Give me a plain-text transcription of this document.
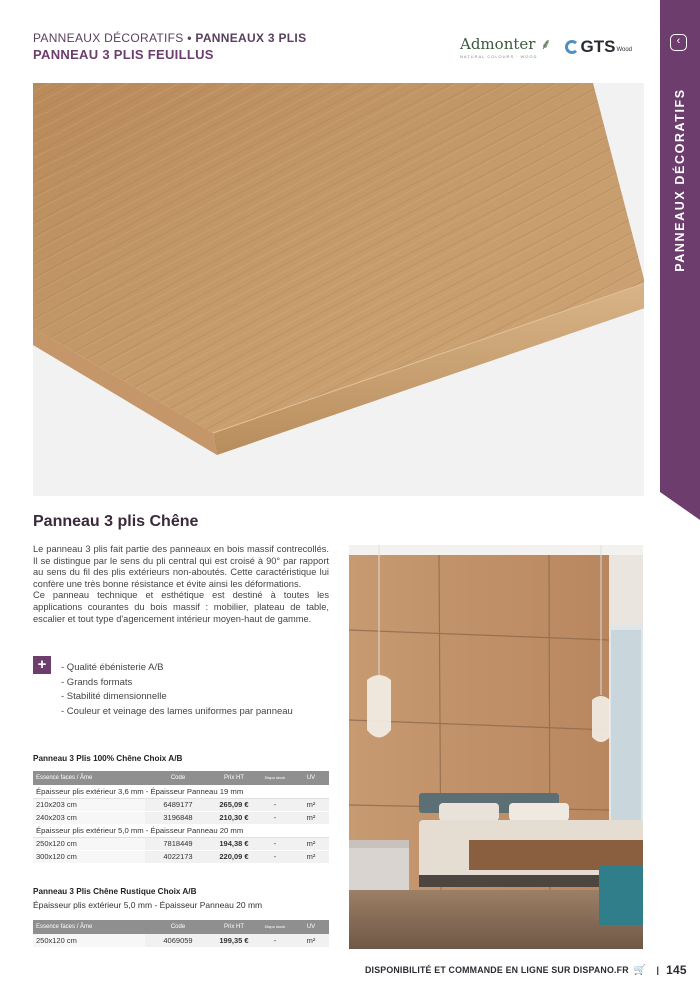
PANNEAUX DÉCORATIFS • PANNEAUX 3 PLIS
PANNEAU 3 PLIS FEUILLUS
Admonter ⸙
NATURAL COLOURS ∙ WOOD
GTS Wood
‹
PANNEAUX DÉCORATIFS
Panneau 3 plis Chêne

Le panneau 3 plis fait partie des panneaux en bois massif contrecollés. Il se distingue par le sens du pli central qui est croisé à 90° par rapport au sens du fil des plis extérieurs non-aboutés. Cette caractéristique lui confère une très bonne résistance et évite ainsi les déformations.

Ce panneau technique et esthétique est destiné à toutes les applications courantes du bois massif : mobilier, plateau de table, escalier et tout type d'agencement intérieur moyen-haut de gamme.

+	- Qualité ébénisterie A/B
- Grands formats
- Stabilité dimensionnelle
- Couleur et veinage des lames uniformes par panneau
Panneau 3 Plis 100% Chêne Choix A/B
Essence faces / Âme	Code	Prix HT	Dispo stock	UV
Épaisseur plis extérieur 3,6 mm - Épaisseur Panneau 19 mm				
210x203 cm	6489177	265,09 €	-	m²
240x203 cm	3196848	210,30 €	-	m²
Épaisseur plis extérieur 5,0 mm - Épaisseur Panneau 20 mm				
250x120 cm	7818449	194,38 €	-	m²
300x120 cm	4022173	220,09 €	-	m²
Panneau 3 Plis Chêne Rustique Choix A/B
Épaisseur plis extérieur 5,0 mm - Épaisseur Panneau 20 mm
Essence faces / Âme	Code	Prix HT	Dispo stock	UV
250x120 cm	4069059	199,35 €	-	m²
DISPONIBILITÉ ET COMMANDE EN LIGNE SUR DISPANO.FR 🛒 | 145
